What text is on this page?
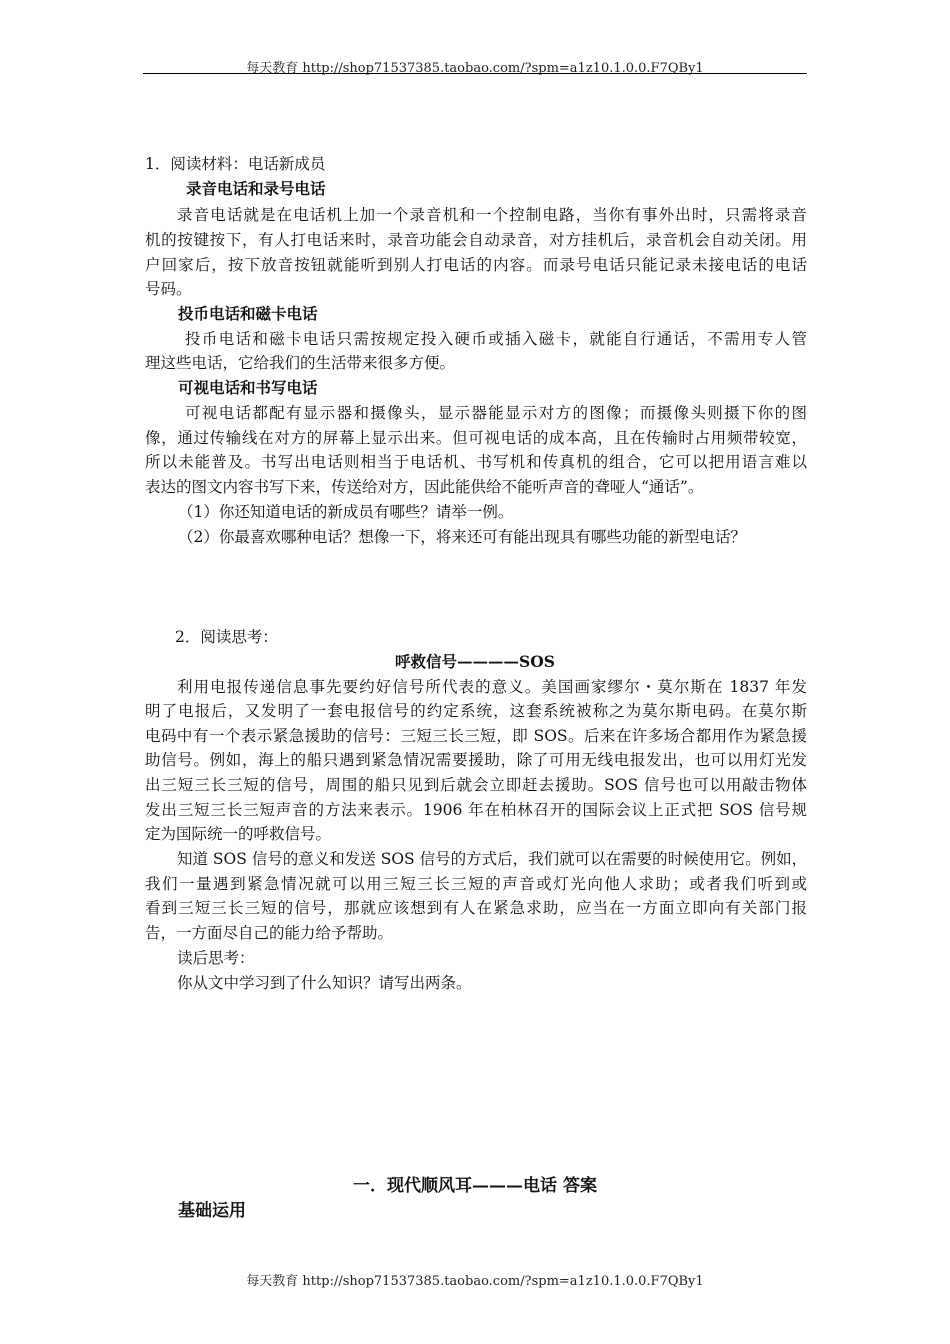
每天教育 http://shop71537385.taobao.com/?spm=a1z10.1.0.0.F7QBy1
1．阅读材料：电话新成员
录音电话和录号电话
录音电话就是在电话机上加一个录音机和一个控制电路，当你有事外出时，只需将录音
机的按键按下，有人打电话来时，录音功能会自动录音，对方挂机后，录音机会自动关闭。用
户回家后，按下放音按钮就能听到别人打电话的内容。而录号电话只能记录未接电话的电话
号码。
投币电话和磁卡电话
投币电话和磁卡电话只需按规定投入硬币或插入磁卡，就能自行通话，不需用专人管
理这些电话，它给我们的生活带来很多方便。
可视电话和书写电话
可视电话都配有显示器和摄像头，显示器能显示对方的图像；而摄像头则摄下你的图
像，通过传输线在对方的屏幕上显示出来。但可视电话的成本高，且在传输时占用频带较宽，
所以未能普及。书写出电话则相当于电话机、书写机和传真机的组合，它可以把用语言难以
表达的图文内容书写下来，传送给对方，因此能供给不能听声音的聋哑人“通话”。
（1）你还知道电话的新成员有哪些？请举一例。
（2）你最喜欢哪种电话？想像一下，将来还可有能出现具有哪些功能的新型电话？
2．阅读思考：
呼救信号————SOS
利用电报传递信息事先要约好信号所代表的意义。美国画家缪尔・莫尔斯在 1837 年发
明了电报后，又发明了一套电报信号的约定系统，这套系统被称之为莫尔斯电码。在莫尔斯
电码中有一个表示紧急援助的信号：三短三长三短，即 SOS。后来在许多场合都用作为紧急援
助信号。例如，海上的船只遇到紧急情况需要援助，除了可用无线电报发出，也可以用灯光发
出三短三长三短的信号，周围的船只见到后就会立即赶去援助。SOS 信号也可以用敲击物体
发出三短三长三短声音的方法来表示。1906 年在柏林召开的国际会议上正式把 SOS 信号规
定为国际统一的呼救信号。
知道 SOS 信号的意义和发送 SOS 信号的方式后，我们就可以在需要的时候使用它。例如，
我们一量遇到紧急情况就可以用三短三长三短的声音或灯光向他人求助；或者我们听到或
看到三短三长三短的信号，那就应该想到有人在紧急求助，应当在一方面立即向有关部门报
告，一方面尽自己的能力给予帮助。
读后思考：
你从文中学习到了什么知识？请写出两条。
一．现代顺风耳———电话 答案
基础运用
每天教育 http://shop71537385.taobao.com/?spm=a1z10.1.0.0.F7QBy1
